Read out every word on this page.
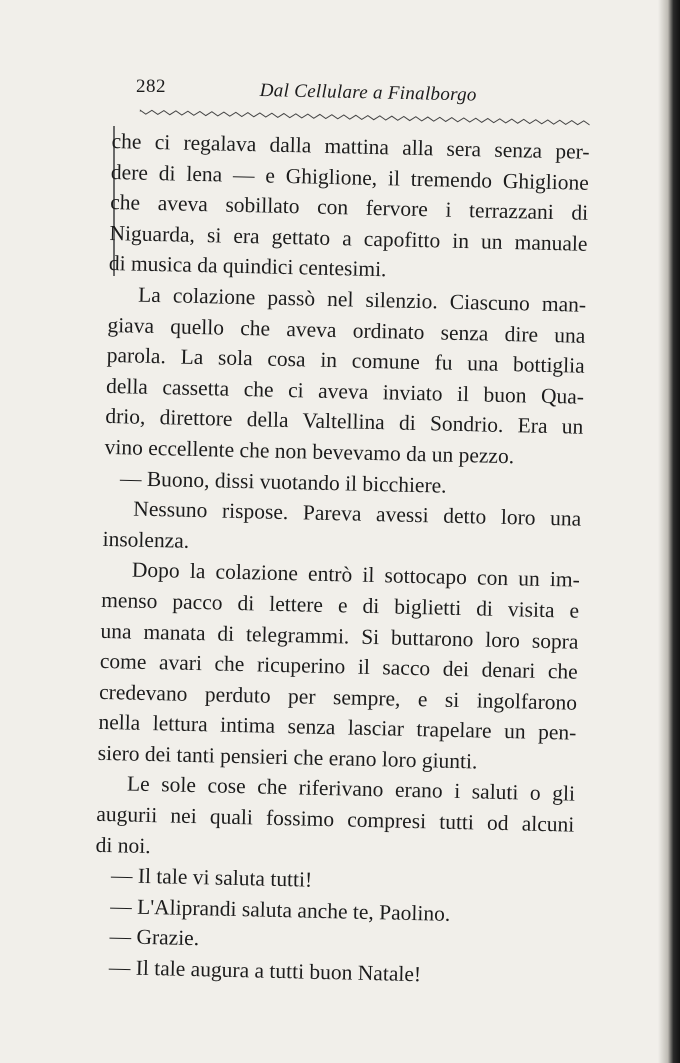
282	Dal Cellulare a Finalborgo
che ci regalava dalla mattina alla sera senza per-
dere di lena — e Ghiglione, il tremendo Ghiglione
che aveva sobillato con fervore i terrazzani di
Niguarda, si era gettato a capofitto in un manuale
di musica da quindici centesimi.
La colazione passò nel silenzio. Ciascuno man-
giava quello che aveva ordinato senza dire una
parola. La sola cosa in comune fu una bottiglia
della cassetta che ci aveva inviato il buon Qua-
drio, direttore della Valtellina di Sondrio. Era un
vino eccellente che non bevevamo da un pezzo.
— Buono, dissi vuotando il bicchiere.
Nessuno rispose. Pareva avessi detto loro una
insolenza.
Dopo la colazione entrò il sottocapo con un im-
menso pacco di lettere e di biglietti di visita e
una manata di telegrammi. Si buttarono loro sopra
come avari che ricuperino il sacco dei denari che
credevano perduto per sempre, e si ingolfarono
nella lettura intima senza lasciar trapelare un pen-
siero dei tanti pensieri che erano loro giunti.
Le sole cose che riferivano erano i saluti o gli
augurii nei quali fossimo compresi tutti od alcuni
di noi.
— Il tale vi saluta tutti!
— L'Aliprandi saluta anche te, Paolino.
— Grazie.
— Il tale augura a tutti buon Natale!
